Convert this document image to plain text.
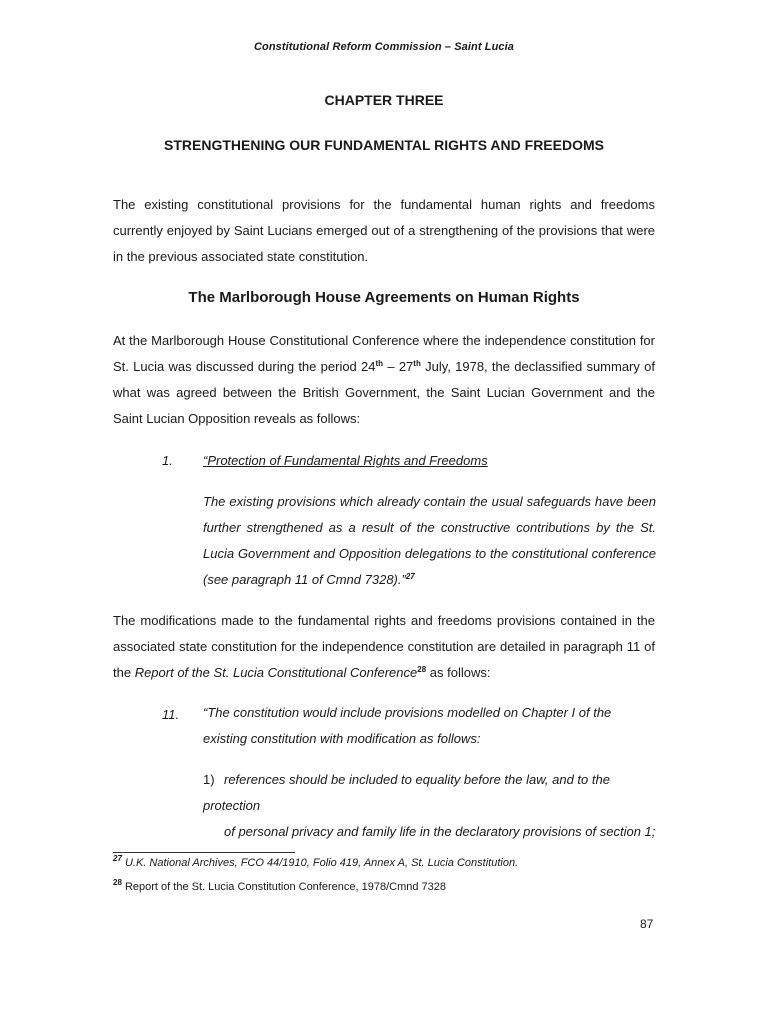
Constitutional Reform Commission – Saint Lucia
CHAPTER THREE
STRENGTHENING OUR FUNDAMENTAL RIGHTS AND FREEDOMS

The existing constitutional provisions for the fundamental human rights and freedoms currently enjoyed by Saint Lucians emerged out of a strengthening of the provisions that were in the previous associated state constitution.

The Marlborough House Agreements on Human Rights

At the Marlborough House Constitutional Conference where the independence constitution for St. Lucia was discussed during the period 24th – 27th July, 1978, the declassified summary of what was agreed between the British Government, the Saint Lucian Government and the Saint Lucian Opposition reveals as follows:

1. “Protection of Fundamental Rights and Freedoms

The existing provisions which already contain the usual safeguards have been further strengthened as a result of the constructive contributions by the St. Lucia Government and Opposition delegations to the constitutional conference (see paragraph 11 of Cmnd 7328).”$^{27}$

The modifications made to the fundamental rights and freedoms provisions contained in the associated state constitution for the independence constitution are detailed in paragraph 11 of the Report of the St. Lucia Constitutional Conference$^{28}$ as follows:

11. “The constitution would include provisions modelled on Chapter I of the existing constitution with modification as follows:

1) references should be included to equality before the law, and to the protection
of personal privacy and family life in the declaratory provisions of section 1;
$^{27}$ U.K. National Archives, FCO 44/1910, Folio 419, Annex A, St. Lucia Constitution.
$^{28}$ Report of the St. Lucia Constitution Conference, 1978/Cmnd 7328
87
